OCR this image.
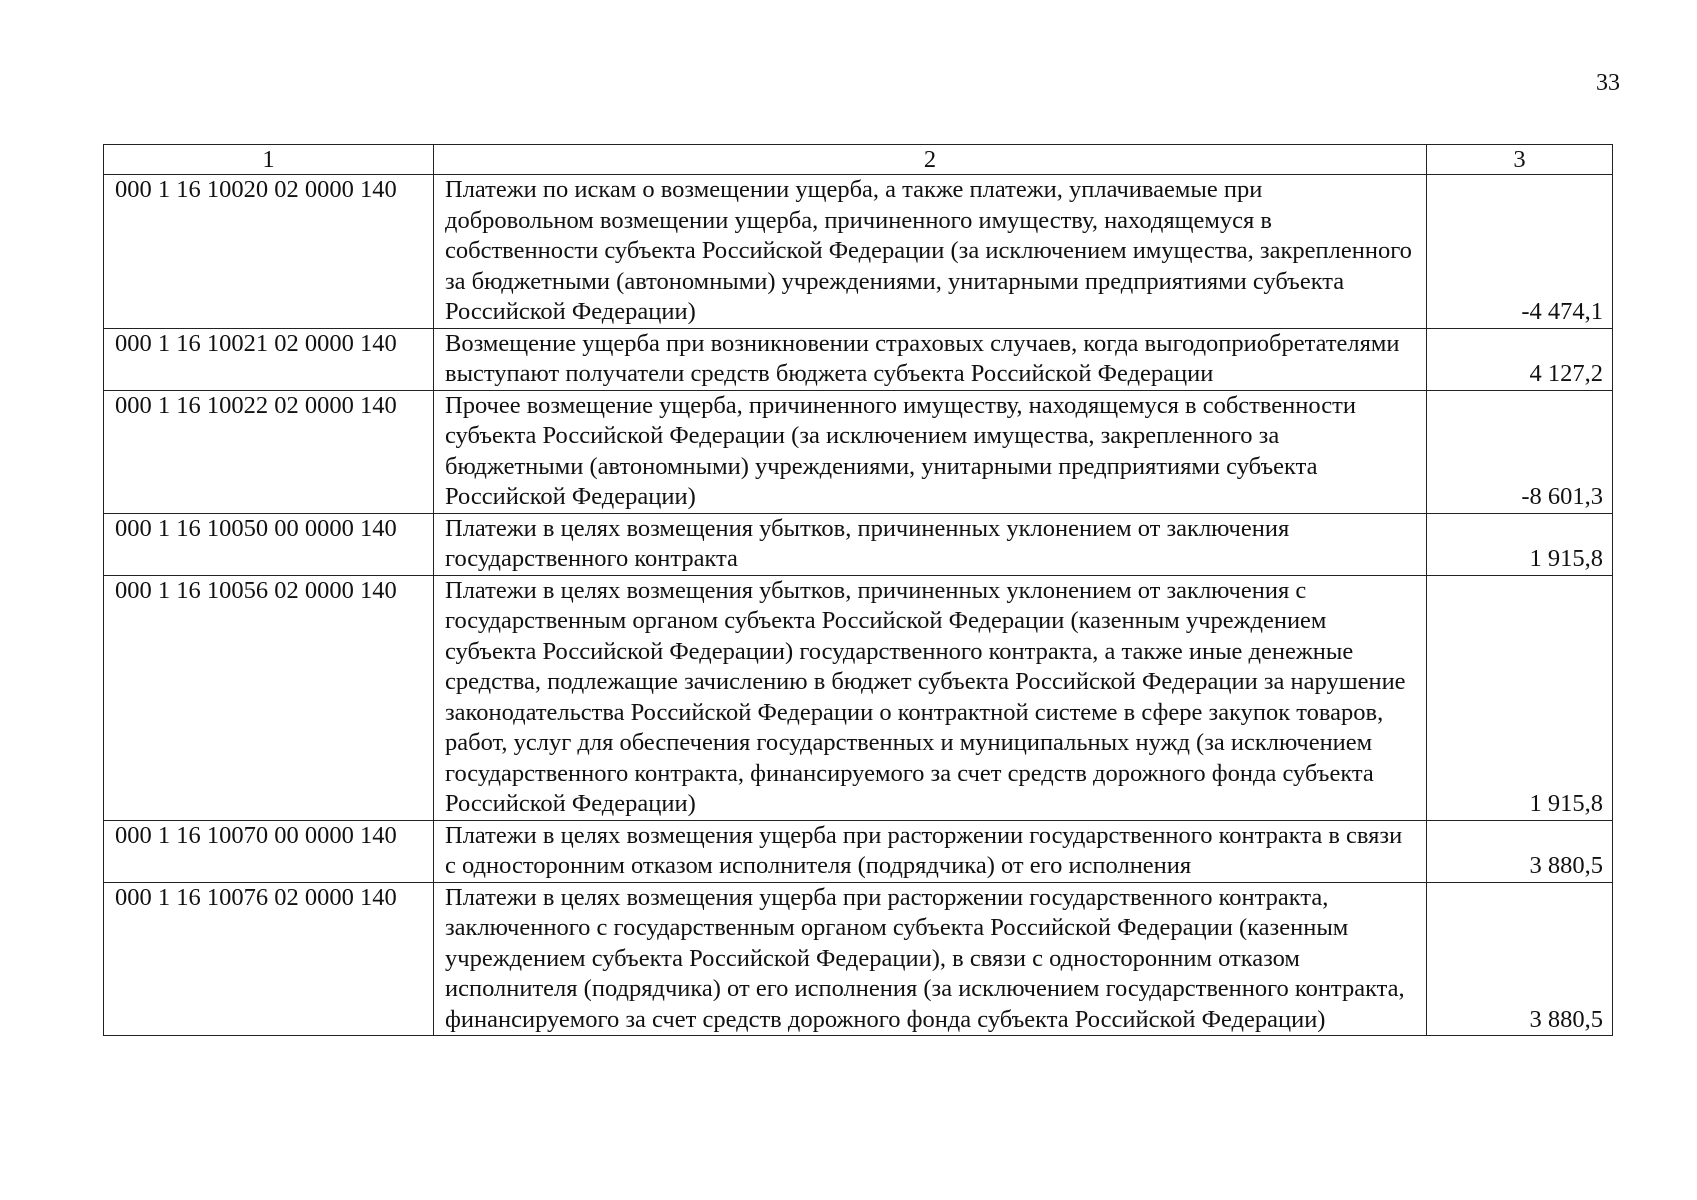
33
1	2	3
000 1 16 10020 02 0000 140	Платежи по искам о возмещении ущерба, а также платежи, уплачиваемые при добровольном возмещении ущерба, причиненного имуществу, находящемуся в собственности субъекта Российской Федерации (за исключением имущества, закрепленного за бюджетными (автономными) учреждениями, унитарными предприятиями субъекта Российской Федерации)	-4 474,1
000 1 16 10021 02 0000 140	Возмещение ущерба при возникновении страховых случаев, когда выгодоприобретателями выступают получатели средств бюджета субъекта Российской Федерации	4 127,2
000 1 16 10022 02 0000 140	Прочее возмещение ущерба, причиненного имуществу, находящемуся в собственности субъекта Российской Федерации (за исключением имущества, закрепленного за бюджетными (автономными) учреждениями, унитарными предприятиями субъекта Российской Федерации)	-8 601,3
000 1 16 10050 00 0000 140	Платежи в целях возмещения убытков, причиненных уклонением от заключения государственного контракта	1 915,8
000 1 16 10056 02 0000 140	Платежи в целях возмещения убытков, причиненных уклонением от заключения с государственным органом субъекта Российской Федерации (казенным учреждением субъекта Российской Федерации) государственного контракта, а также иные денежные средства, подлежащие зачислению в бюджет субъекта Российской Федерации за нарушение законодательства Российской Федерации о контрактной системе в сфере закупок товаров, работ, услуг для обеспечения государственных и муниципальных нужд (за исключением государственного контракта, финансируемого за счет средств дорожного фонда субъекта Российской Федерации)	1 915,8
000 1 16 10070 00 0000 140	Платежи в целях возмещения ущерба при расторжении государственного контракта в связи с односторонним отказом исполнителя (подрядчика) от его исполнения	3 880,5
000 1 16 10076 02 0000 140	Платежи в целях возмещения ущерба при расторжении государственного контракта, заключенного с государственным органом субъекта Российской Федерации (казенным учреждением субъекта Российской Федерации), в связи с односторонним отказом исполнителя (подрядчика) от его исполнения (за исключением государственного контракта, финансируемого за счет средств дорожного фонда субъекта Российской Федерации)	3 880,5
